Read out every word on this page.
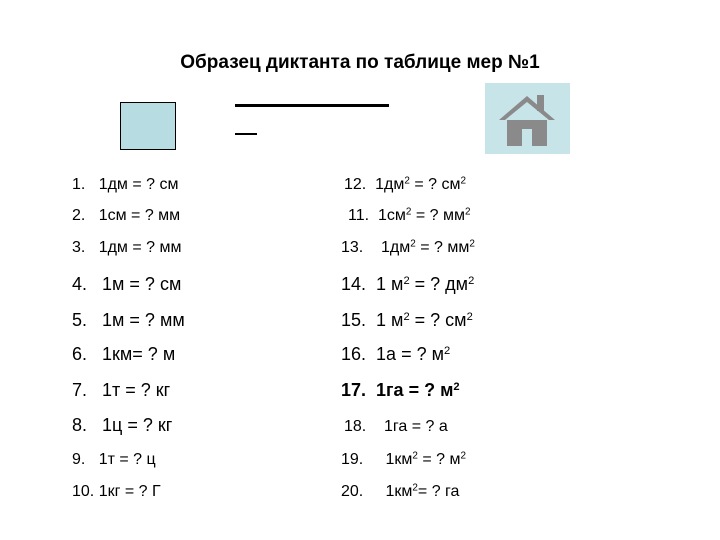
Образец диктанта по таблице мер №1
1. 1дм = ? см
2. 1см = ? мм
3. 1дм = ? мм
4. 1м = ? см
5. 1м = ? мм
6. 1км= ? м
7. 1т = ? кг
8. 1ц = ? кг
9. 1т = ? ц
10. 1кг = ? Г
12. $1дм^2$ = ? $см^2$
11. $1см^2$ = ? $мм^2$
13. $1дм^2$ = ? $мм^2$
14. 1 $м^2$ = ? $дм^2$
15. 1 $м^2$ = ? $см^2$
16. 1а = ? $м^2$
17. 1га = ? $м^2$
18. 1га = ? а
19. $1км^2$ = ? $м^2$
20. $1км^2=$ ? га
